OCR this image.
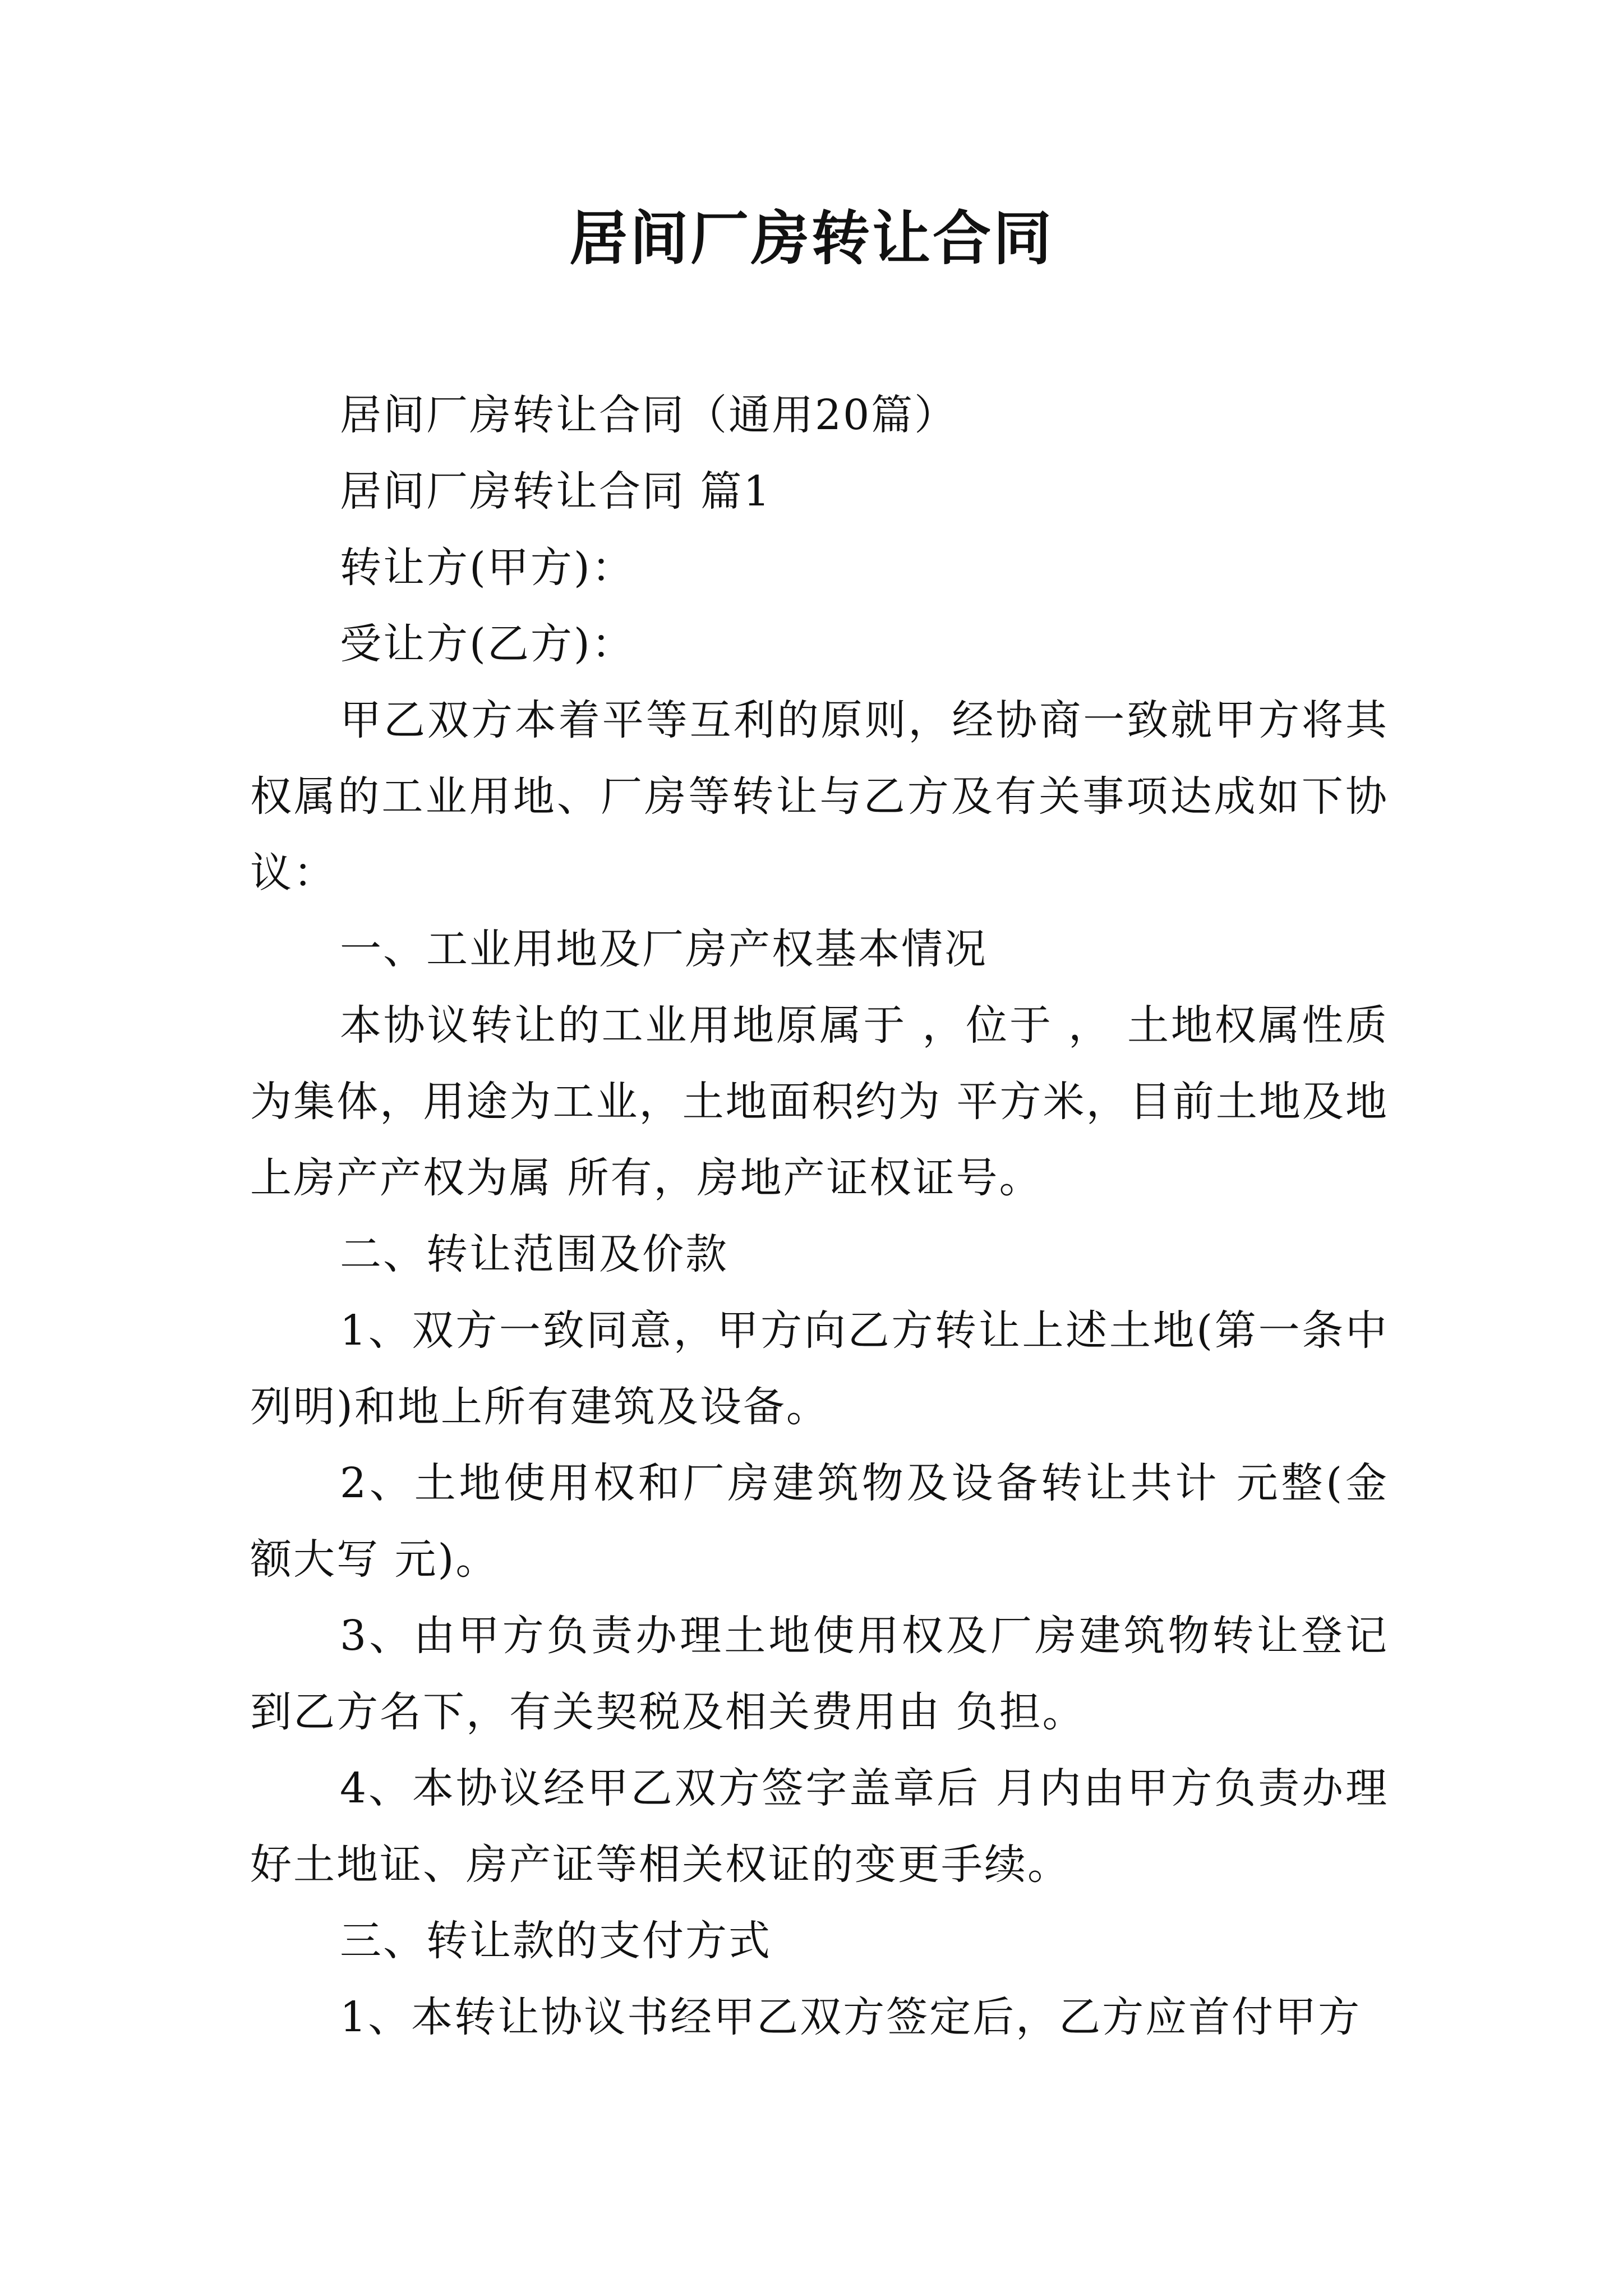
居间厂房转让合同

居间厂房转让合同（通用20篇）

居间厂房转让合同 篇1

转让方(甲方)：

受让方(乙方)：

甲乙双方本着平等互利的原则，经协商一致就甲方将其权属的工业用地、厂房等转让与乙方及有关事项达成如下协议：

一、工业用地及厂房产权基本情况

本协议转让的工业用地原属于 ，位于 ， 土地权属性质为集体，用途为工业，土地面积约为 平方米，目前土地及地上房产产权为属 所有，房地产证权证号。

二、转让范围及价款

1、双方一致同意，甲方向乙方转让上述土地(第一条中列明)和地上所有建筑及设备。

2、土地使用权和厂房建筑物及设备转让共计 元整(金额大写 元)。

3、由甲方负责办理土地使用权及厂房建筑物转让登记到乙方名下，有关契税及相关费用由 负担。

4、本协议经甲乙双方签字盖章后 月内由甲方负责办理好土地证、房产证等相关权证的变更手续。

三、转让款的支付方式

1、本转让协议书经甲乙双方签定后，乙方应首付甲方
